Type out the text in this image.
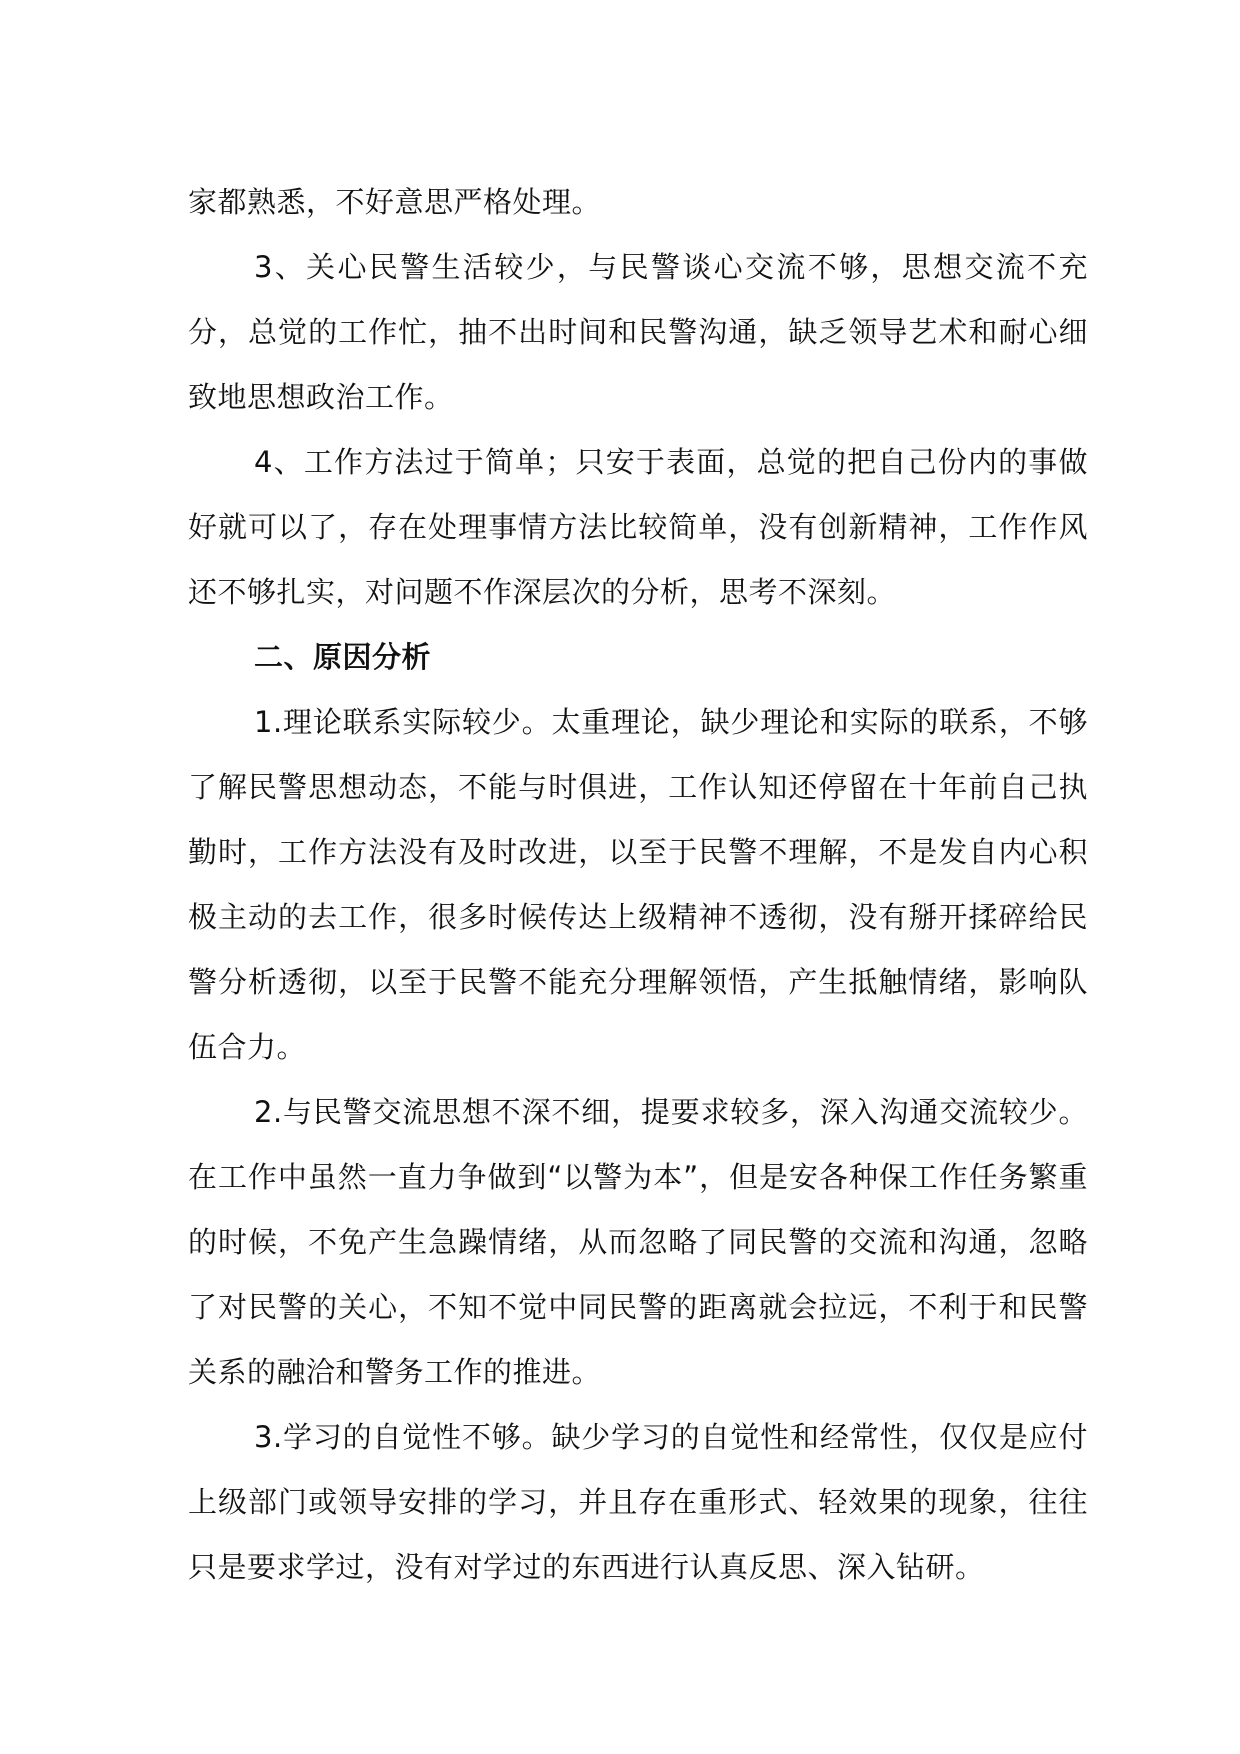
家都熟悉，不好意思严格处理。

3、关心民警生活较少，与民警谈心交流不够，思想交流不充分，总觉的工作忙，抽不出时间和民警沟通，缺乏领导艺术和耐心细致地思想政治工作。

4、工作方法过于简单；只安于表面，总觉的把自己份内的事做好就可以了，存在处理事情方法比较简单，没有创新精神，工作作风还不够扎实，对问题不作深层次的分析，思考不深刻。

二、原因分析

1.理论联系实际较少。太重理论，缺少理论和实际的联系，不够了解民警思想动态，不能与时俱进，工作认知还停留在十年前自己执勤时，工作方法没有及时改进，以至于民警不理解，不是发自内心积极主动的去工作，很多时候传达上级精神不透彻，没有掰开揉碎给民警分析透彻，以至于民警不能充分理解领悟，产生抵触情绪，影响队伍合力。

2.与民警交流思想不深不细，提要求较多，深入沟通交流较少。在工作中虽然一直力争做到“以警为本”，但是安各种保工作任务繁重的时候，不免产生急躁情绪，从而忽略了同民警的交流和沟通，忽略了对民警的关心，不知不觉中同民警的距离就会拉远，不利于和民警关系的融洽和警务工作的推进。

3.学习的自觉性不够。缺少学习的自觉性和经常性，仅仅是应付上级部门或领导安排的学习，并且存在重形式、轻效果的现象，往往只是要求学过，没有对学过的东西进行认真反思、深入钻研。
